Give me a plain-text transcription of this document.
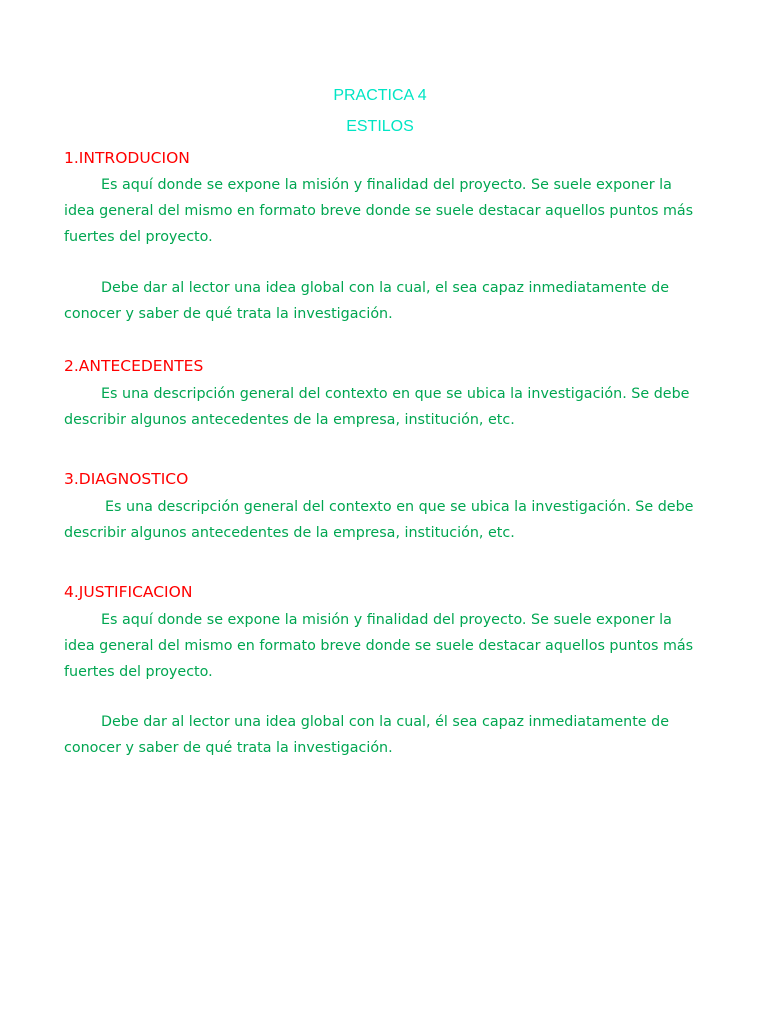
PRACTICA 4
ESTILOS
1.INTRODUCION

Es aquí donde se expone la misión y finalidad del proyecto. Se suele exponer la idea general del mismo en formato breve donde se suele destacar aquellos puntos más fuertes del proyecto.

Debe dar al lector una idea global con la cual, el sea capaz inmediatamente de conocer y saber de qué trata la investigación.

2.ANTECEDENTES

Es una descripción general del contexto en que se ubica la investigación. Se debe describir algunos antecedentes de la empresa, institución, etc.

3.DIAGNOSTICO

Es una descripción general del contexto en que se ubica la investigación. Se debe describir algunos antecedentes de la empresa, institución, etc.

4.JUSTIFICACION

Es aquí donde se expone la misión y finalidad del proyecto. Se suele exponer la idea general del mismo en formato breve donde se suele destacar aquellos puntos más fuertes del proyecto.

Debe dar al lector una idea global con la cual, él sea capaz inmediatamente de conocer y saber de qué trata la investigación.
